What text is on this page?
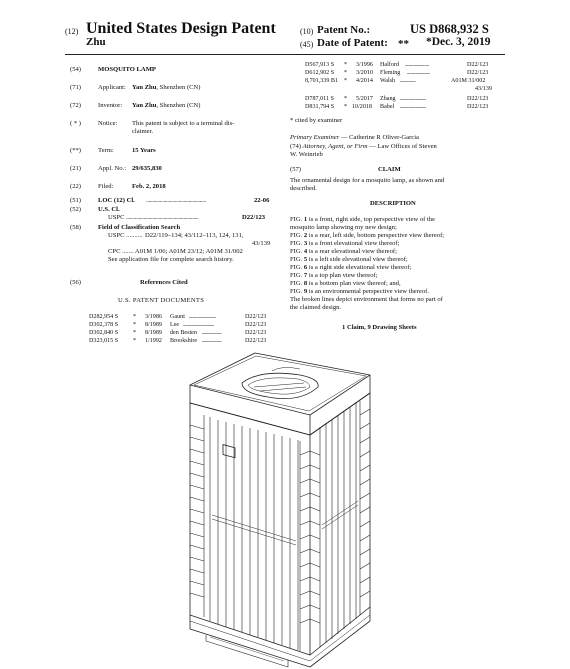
(12) United States Design Patent
Zhu
(10) Patent No.:	US D868,932 S
(45) Date of Patent: ** *Dec. 3, 2019
(54)	MOSQUITO LAMP
(71)	Applicant: Yan Zhu, Shenzhen (CN)
(72)	Inventor: Yan Zhu, Shenzhen (CN)
( * )	Notice: This patent is subject to a terminal dis-
claimer.
(**)	Term:	15 Years
(21)	Appl. No.: 29/635,830
(22)	Filed:	Feb. 2, 2018
(51)	LOC (12) Cl. ................................................	22-06
(52)	U.S. Cl.
USPC ..........................................................	D22/123
(58)	Field of Classification Search
USPC .......... D22/119–134; 43/112–113, 124, 131,
43/139
CPC ....... A01M 1/06; A01M 23/12; A01M 31/002
See application file for complete search history.
(56)	References Cited
U.S. PATENT DOCUMENTS
D282,954 S * 3/1986 Gaunt ..........................	D22/123
D302,378 S * 8/1989 Lee ..............................	D22/123
D302,840 S * 8/1989 den Besten ...................	D22/123
D323,015 S * 1/1992 Brookshire ...................	D22/123
D567,913 S * 3/1996 Halford .......................	D22/123
D612,902 S * 3/2010 Fleming ......................	D22/123
8,701,339 B1 * 4/2014 Walsh ...............	A01M 31/002
43/139
D787,011 S * 5/2017 Zhang .........................	D22/123
D831,794 S * 10/2018 Babel .........................	D22/123
* cited by examiner
Primary Examiner — Catherine R Oliver-Garcia
(74) Attorney, Agent, or Firm — Law Offices of Steven
W. Weinrieb
(57)	CLAIM
The ornamental design for a mosquito lamp, as shown and
described.
DESCRIPTION
FIG. 1 is a front, right side, top perspective view of the
mosquito lamp showing my new design;
FIG. 2 is a rear, left side, bottom perspective view thereof;
FIG. 3 is a front elevational view thereof;
FIG. 4 is a rear elevational view thereof;
FIG. 5 is a left side elevational view thereof;
FIG. 6 is a right side elevational view thereof;
FIG. 7 is a top plan view thereof;
FIG. 8 is a bottom plan view thereof; and,
FIG. 9 is an environmental perspective view thereof.
The broken lines depict environment that forms no part of
the claimed design.
1 Claim, 9 Drawing Sheets
